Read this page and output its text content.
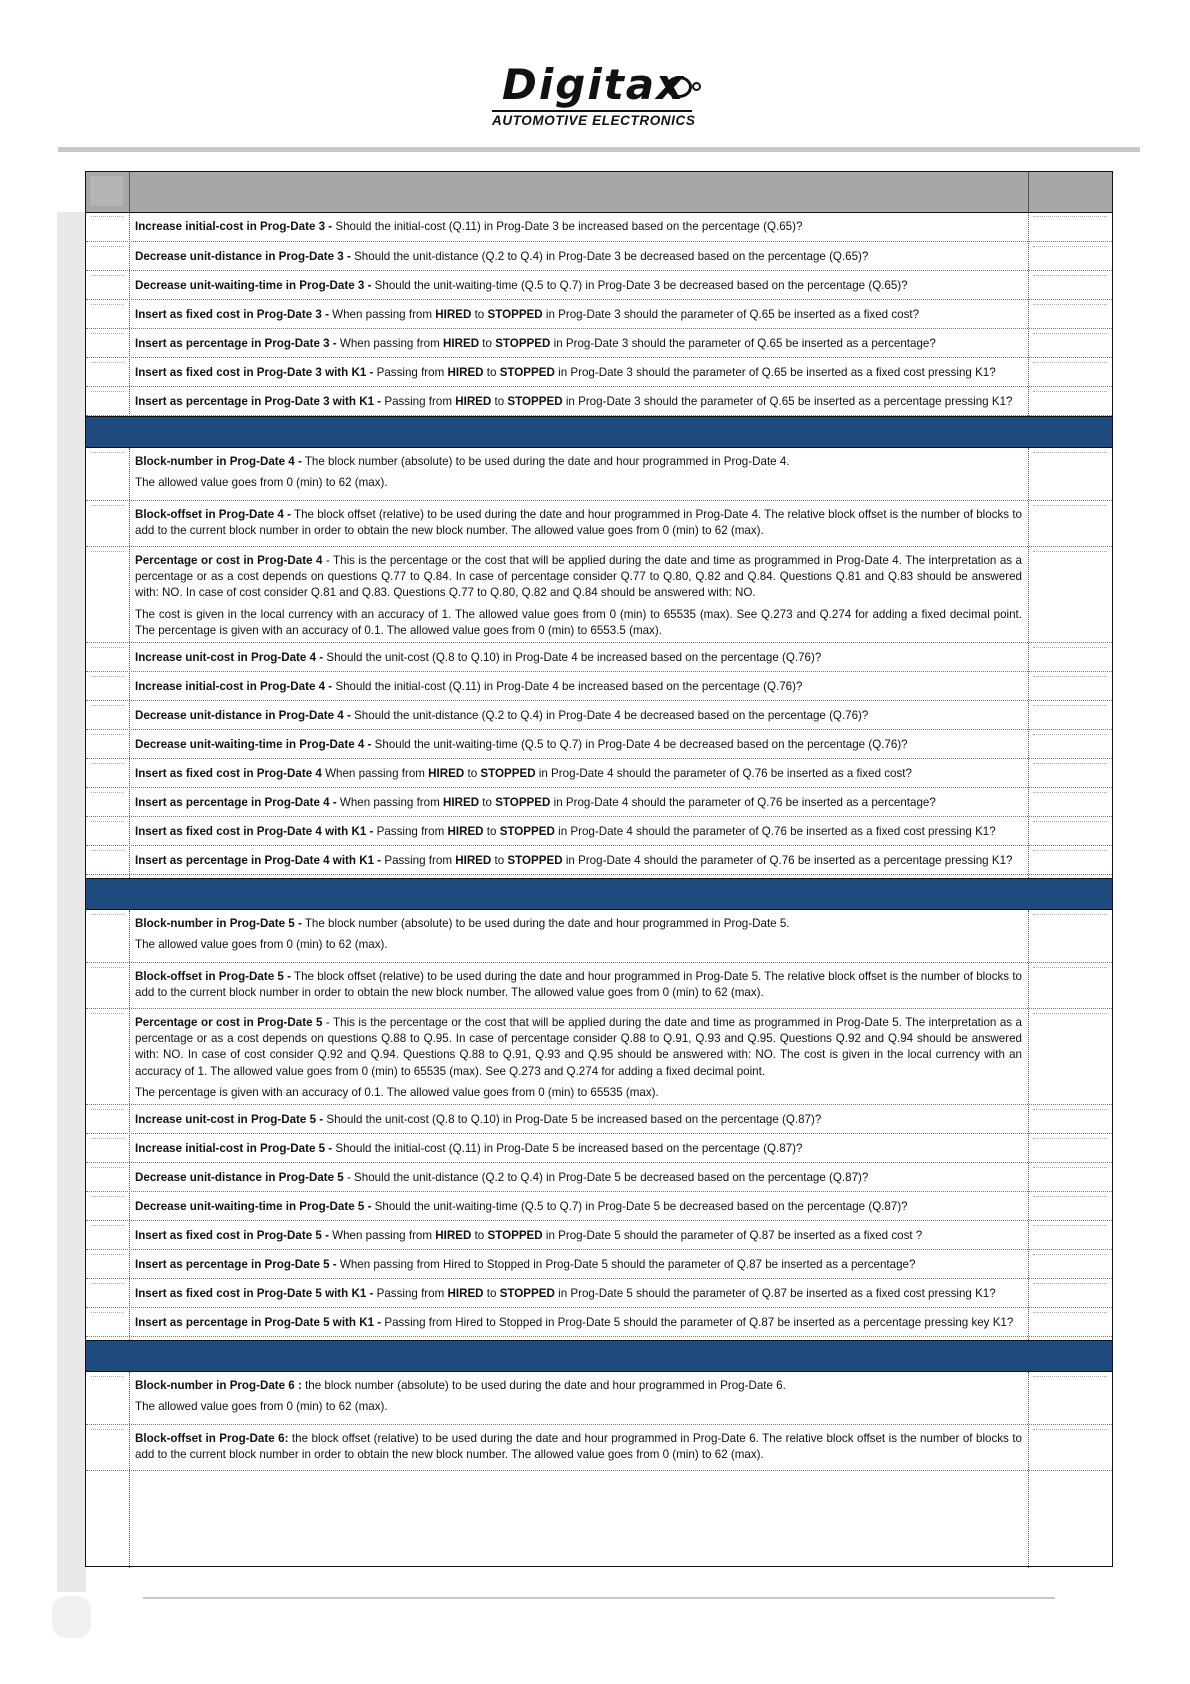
Digitax
AUTOMOTIVE ELECTRONICS

Increase initial-cost in Prog-Date 3 - Should the initial-cost (Q.11) in Prog-Date 3 be increased based on the percentage (Q.65)?

Decrease unit-distance in Prog-Date 3 - Should the unit-distance (Q.2 to Q.4) in Prog-Date 3 be decreased based on the percentage (Q.65)?

Decrease unit-waiting-time in Prog-Date 3 - Should the unit-waiting-time (Q.5 to Q.7) in Prog-Date 3 be decreased based on the percentage (Q.65)?

Insert as fixed cost in Prog-Date 3 - When passing from HIRED to STOPPED in Prog-Date 3 should the parameter of Q.65 be inserted as a fixed cost?

Insert as percentage in Prog-Date 3 - When passing from HIRED to STOPPED in Prog-Date 3 should the parameter of Q.65 be inserted as a percentage?

Insert as fixed cost in Prog-Date 3 with K1 - Passing from HIRED to STOPPED in Prog-Date 3 should the parameter of Q.65 be inserted as a fixed cost pressing K1?

Insert as percentage in Prog-Date 3 with K1 - Passing from HIRED to STOPPED in Prog-Date 3 should the parameter of Q.65 be inserted as a percentage pressing K1?

Block-number in Prog-Date 4 - The block number (absolute) to be used during the date and hour programmed in Prog-Date 4.

The allowed value goes from 0 (min) to 62 (max).

Block-offset in Prog-Date 4 - The block offset (relative) to be used during the date and hour programmed in Prog-Date 4. The relative block offset is the number of blocks to add to the current block number in order to obtain the new block number. The allowed value goes from 0 (min) to 62 (max).

Percentage or cost in Prog-Date 4 - This is the percentage or the cost that will be applied during the date and time as programmed in Prog-Date 4. The interpretation as a percentage or as a cost depends on questions Q.77 to Q.84. In case of percentage consider Q.77 to Q.80, Q.82 and Q.84. Questions Q.81 and Q.83 should be answered with: NO. In case of cost consider Q.81 and Q.83. Questions Q.77 to Q.80, Q.82 and Q.84 should be answered with: NO.

The cost is given in the local currency with an accuracy of 1. The allowed value goes from 0 (min) to 65535 (max). See Q.273 and Q.274 for adding a fixed decimal point. The percentage is given with an accuracy of 0.1. The allowed value goes from 0 (min) to 6553.5 (max).

Increase unit-cost in Prog-Date 4 - Should the unit-cost (Q.8 to Q.10) in Prog-Date 4 be increased based on the percentage (Q.76)?

Increase initial-cost in Prog-Date 4 - Should the initial-cost (Q.11) in Prog-Date 4 be increased based on the percentage (Q.76)?

Decrease unit-distance in Prog-Date 4 - Should the unit-distance (Q.2 to Q.4) in Prog-Date 4 be decreased based on the percentage (Q.76)?

Decrease unit-waiting-time in Prog-Date 4 - Should the unit-waiting-time (Q.5 to Q.7) in Prog-Date 4 be decreased based on the percentage (Q.76)?

Insert as fixed cost in Prog-Date 4 When passing from HIRED to STOPPED in Prog-Date 4 should the parameter of Q.76 be inserted as a fixed cost?

Insert as percentage in Prog-Date 4 - When passing from HIRED to STOPPED in Prog-Date 4 should the parameter of Q.76 be inserted as a percentage?

Insert as fixed cost in Prog-Date 4 with K1 - Passing from HIRED to STOPPED in Prog-Date 4 should the parameter of Q.76 be inserted as a fixed cost pressing K1?

Insert as percentage in Prog-Date 4 with K1 - Passing from HIRED to STOPPED in Prog-Date 4 should the parameter of Q.76 be inserted as a percentage pressing K1?

Block-number in Prog-Date 5 - The block number (absolute) to be used during the date and hour programmed in Prog-Date 5.

The allowed value goes from 0 (min) to 62 (max).

Block-offset in Prog-Date 5 - The block offset (relative) to be used during the date and hour programmed in Prog-Date 5. The relative block offset is the number of blocks to add to the current block number in order to obtain the new block number. The allowed value goes from 0 (min) to 62 (max).

Percentage or cost in Prog-Date 5 - This is the percentage or the cost that will be applied during the date and time as programmed in Prog-Date 5. The interpretation as a percentage or as a cost depends on questions Q.88 to Q.95. In case of percentage consider Q.88 to Q.91, Q.93 and Q.95. Questions Q.92 and Q.94 should be answered with: NO. In case of cost consider Q.92 and Q.94. Questions Q.88 to Q.91, Q.93 and Q.95 should be answered with: NO. The cost is given in the local currency with an accuracy of 1. The allowed value goes from 0 (min) to 65535 (max). See Q.273 and Q.274 for adding a fixed decimal point.

The percentage is given with an accuracy of 0.1. The allowed value goes from 0 (min) to 65535 (max).

Increase unit-cost in Prog-Date 5 - Should the unit-cost (Q.8 to Q.10) in Prog-Date 5 be increased based on the percentage (Q.87)?

Increase initial-cost in Prog-Date 5 - Should the initial-cost (Q.11) in Prog-Date 5 be increased based on the percentage (Q.87)?

Decrease unit-distance in Prog-Date 5 - Should the unit-distance (Q.2 to Q.4) in Prog-Date 5 be decreased based on the percentage (Q.87)?

Decrease unit-waiting-time in Prog-Date 5 - Should the unit-waiting-time (Q.5 to Q.7) in Prog-Date 5 be decreased based on the percentage (Q.87)?

Insert as fixed cost in Prog-Date 5 - When passing from HIRED to STOPPED in Prog-Date 5 should the parameter of Q.87 be inserted as a fixed cost ?

Insert as percentage in Prog-Date 5 - When passing from Hired to Stopped in Prog-Date 5 should the parameter of Q.87 be inserted as a percentage?

Insert as fixed cost in Prog-Date 5 with K1 - Passing from HIRED to STOPPED in Prog-Date 5 should the parameter of Q.87 be inserted as a fixed cost pressing K1?

Insert as percentage in Prog-Date 5 with K1 - Passing from Hired to Stopped in Prog-Date 5 should the parameter of Q.87 be inserted as a percentage pressing key K1?

Block-number in Prog-Date 6 : the block number (absolute) to be used during the date and hour programmed in Prog-Date 6.

The allowed value goes from 0 (min) to 62 (max).

Block-offset in Prog-Date 6: the block offset (relative) to be used during the date and hour programmed in Prog-Date 6. The relative block offset is the number of blocks to add to the current block number in order to obtain the new block number. The allowed value goes from 0 (min) to 62 (max).
